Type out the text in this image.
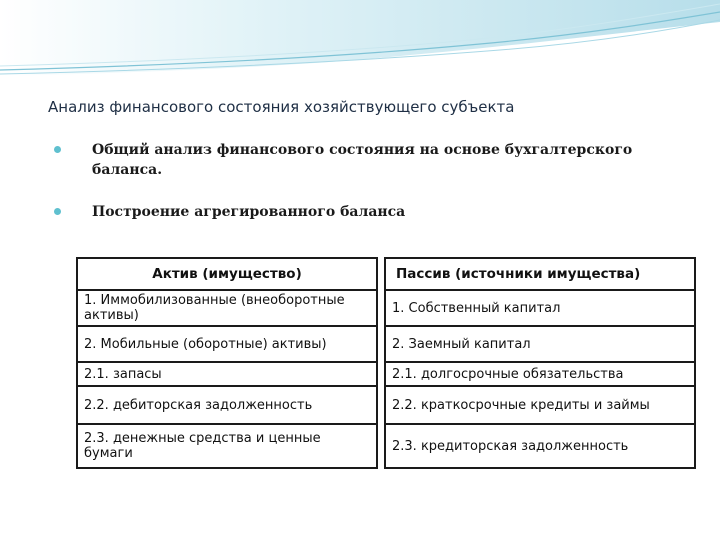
Анализ финансового состояния хозяйствующего субъекта
Общий анализ финансового состояния на основе бухгалтерского баланса.
Построение агрегированного баланса
Актив (имущество)		Пассив (источники имущества)
1. Иммобилизованные (внеоборотные активы)		1. Собственный капитал
2. Мобильные (оборотные) активы)		2. Заемный капитал
2.1. запасы		2.1. долгосрочные обязательства
2.2. дебиторская задолженность		2.2. краткосрочные кредиты и займы
2.3. денежные средства и ценные бумаги		2.3. кредиторская задолженность
